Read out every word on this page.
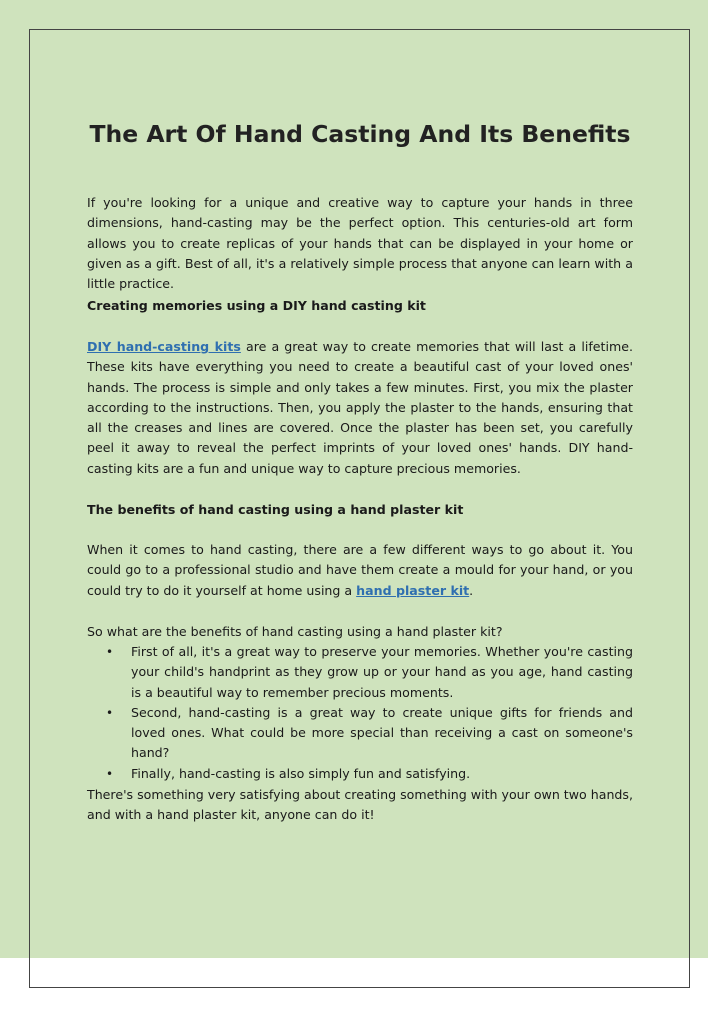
The Art Of Hand Casting And Its Benefits

If you're looking for a unique and creative way to capture your hands in three dimensions, hand-casting may be the perfect option. This centuries-old art form allows you to create replicas of your hands that can be displayed in your home or given as a gift. Best of all, it's a relatively simple process that anyone can learn with a little practice.

Creating memories using a DIY hand casting kit

DIY hand-casting kits are a great way to create memories that will last a lifetime. These kits have everything you need to create a beautiful cast of your loved ones' hands. The process is simple and only takes a few minutes. First, you mix the plaster according to the instructions. Then, you apply the plaster to the hands, ensuring that all the creases and lines are covered. Once the plaster has been set, you carefully peel it away to reveal the perfect imprints of your loved ones' hands. DIY hand-casting kits are a fun and unique way to capture precious memories.

The benefits of hand casting using a hand plaster kit

When it comes to hand casting, there are a few different ways to go about it. You could go to a professional studio and have them create a mould for your hand, or you could try to do it yourself at home using a hand plaster kit.

So what are the benefits of hand casting using a hand plaster kit?

• First of all, it's a great way to preserve your memories. Whether you're casting your child's handprint as they grow up or your hand as you age, hand casting is a beautiful way to remember precious moments.
• Second, hand-casting is a great way to create unique gifts for friends and loved ones. What could be more special than receiving a cast on someone's hand?
• Finally, hand-casting is also simply fun and satisfying.

There's something very satisfying about creating something with your own two hands, and with a hand plaster kit, anyone can do it!
